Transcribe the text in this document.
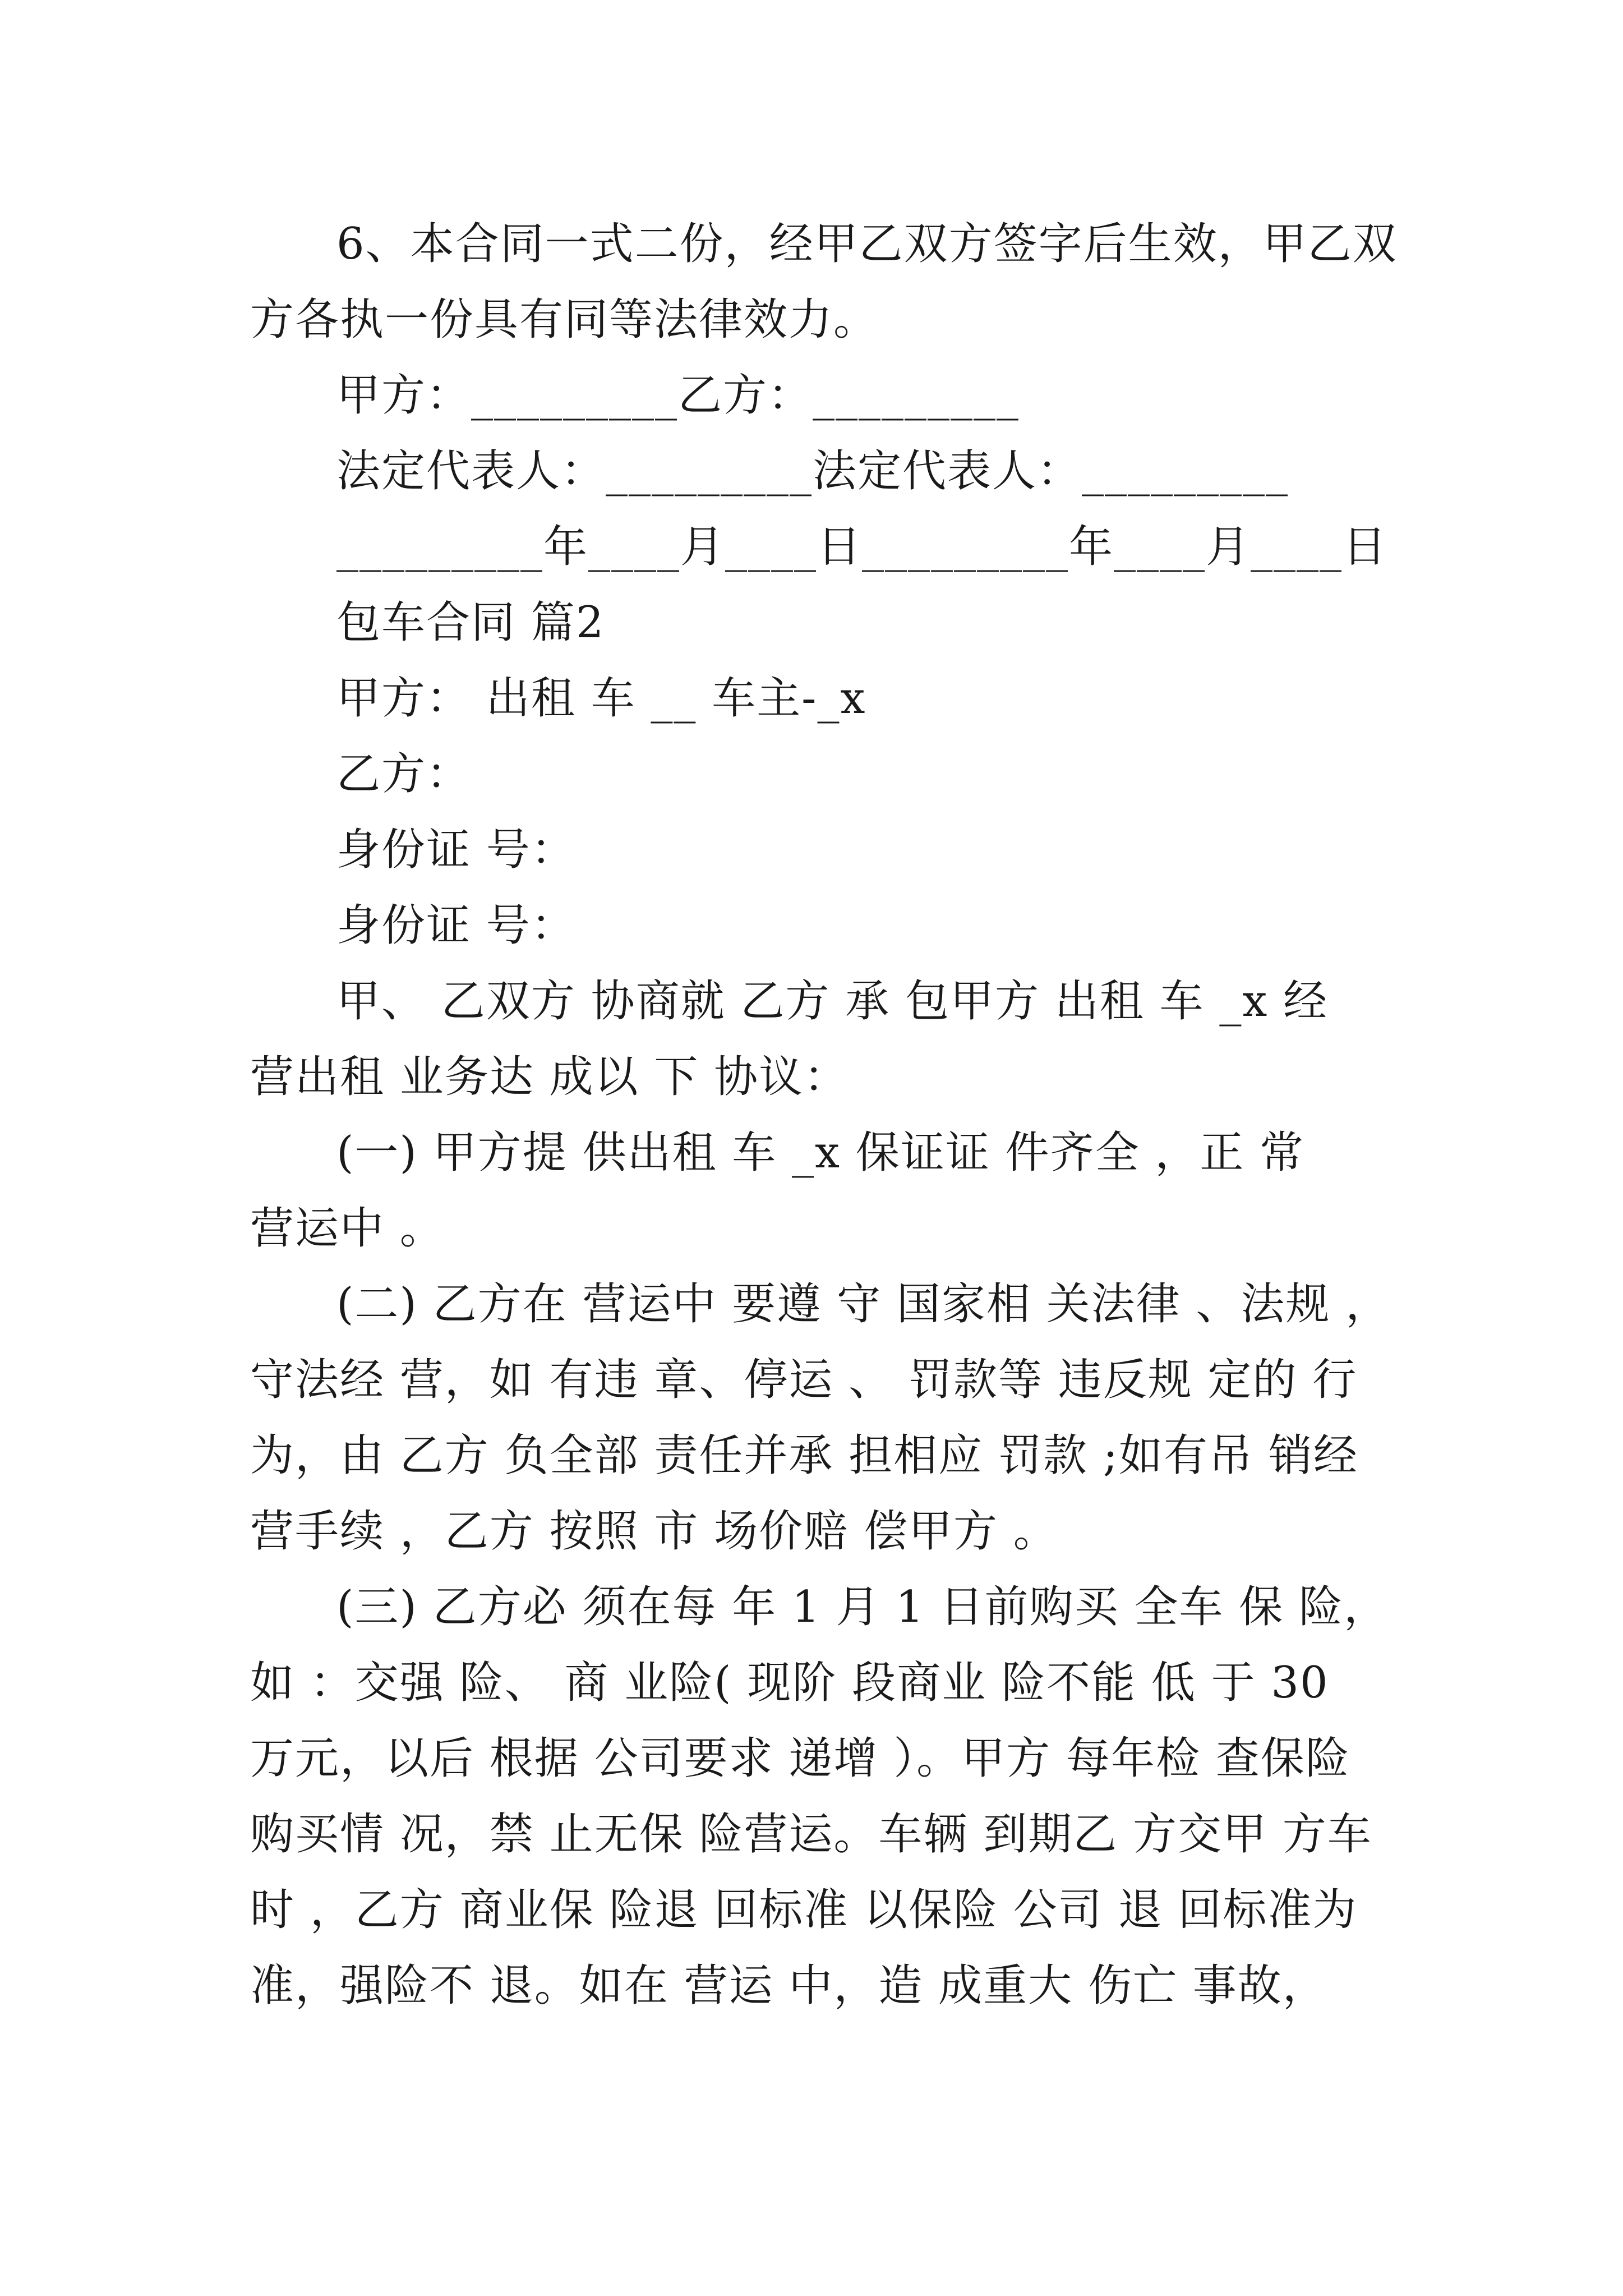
6、本合同一式二份，经甲乙双方签字后生效，甲乙双
方各执一份具有同等法律效力。
甲方：_________乙方：_________
法定代表人：_________法定代表人：_________
_________年____月____日_________年____月____日
包车合同 篇2
甲方： 出租 车 __ 车主-_x
乙方：
身份证 号：
身份证 号：
甲、 乙双方 协商就 乙方 承 包甲方 出租 车 _x 经
营出租 业务达 成以 下 协议：
(一) 甲方提 供出租 车 _x 保证证 件齐全 ，正 常
营运中 。
(二) 乙方在 营运中 要遵 守 国家相 关法律 、法规 ，
守法经 营，如 有违 章、停运 、 罚款等 违反规 定的 行
为，由 乙方 负全部 责任并承 担相应 罚款 ;如有吊 销经
营手续 ，乙方 按照 市 场价赔 偿甲方 。
(三) 乙方必 须在每 年 1 月 1 日前购买 全车 保 险，
如 ：交强 险、 商 业险( 现阶 段商业 险不能 低 于 30
万元，以后 根据 公司要求 递增 ）。甲方 每年检 查保险
购买情 况，禁 止无保 险营运。车辆 到期乙 方交甲 方车
时 ，乙方 商业保 险退 回标准 以保险 公司 退 回标准为
准，强险不 退。如在 营运 中，造 成重大 伤亡 事故，
